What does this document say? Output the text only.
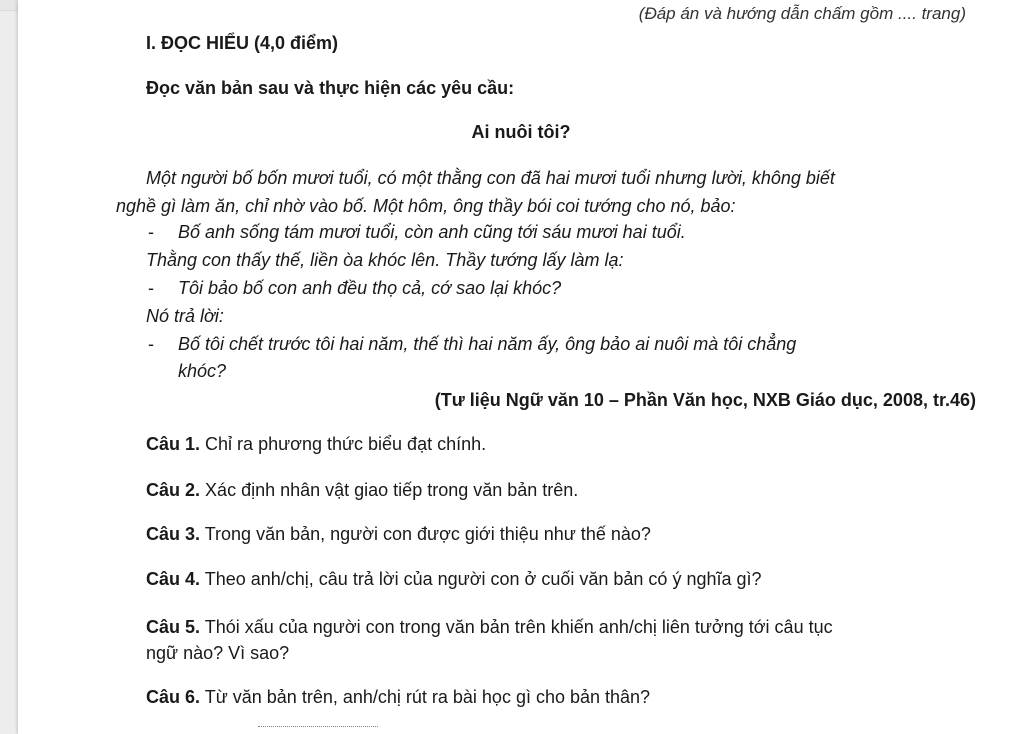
(Đáp án và hướng dẫn chấm gồm .... trang)
I. ĐỌC HIỂU (4,0 điểm)
Đọc văn bản sau và thực hiện các yêu cầu:
Ai nuôi tôi?
Một người bố bốn mươi tuổi, có một thằng con đã hai mươi tuổi nhưng lười, không biết
nghề gì làm ăn, chỉ nhờ vào bố. Một hôm, ông thầy bói coi tướng cho nó, bảo:
- Bố anh sống tám mươi tuổi, còn anh cũng tới sáu mươi hai tuổi.
Thằng con thấy thế, liền òa khóc lên. Thầy tướng lấy làm lạ:
- Tôi bảo bố con anh đều thọ cả, cớ sao lại khóc?
Nó trả lời:
- Bố tôi chết trước tôi hai năm, thế thì hai năm ấy, ông bảo ai nuôi mà tôi chẳng
khóc?
(Tư liệu Ngữ văn 10 – Phần Văn học, NXB Giáo dục, 2008, tr.46)
Câu 1. Chỉ ra phương thức biểu đạt chính.
Câu 2. Xác định nhân vật giao tiếp trong văn bản trên.
Câu 3. Trong văn bản, người con được giới thiệu như thế nào?
Câu 4. Theo anh/chị, câu trả lời của người con ở cuối văn bản có ý nghĩa gì?
Câu 5. Thói xấu của người con trong văn bản trên khiến anh/chị liên tưởng tới câu tục
ngữ nào? Vì sao?
Câu 6. Từ văn bản trên, anh/chị rút ra bài học gì cho bản thân?
